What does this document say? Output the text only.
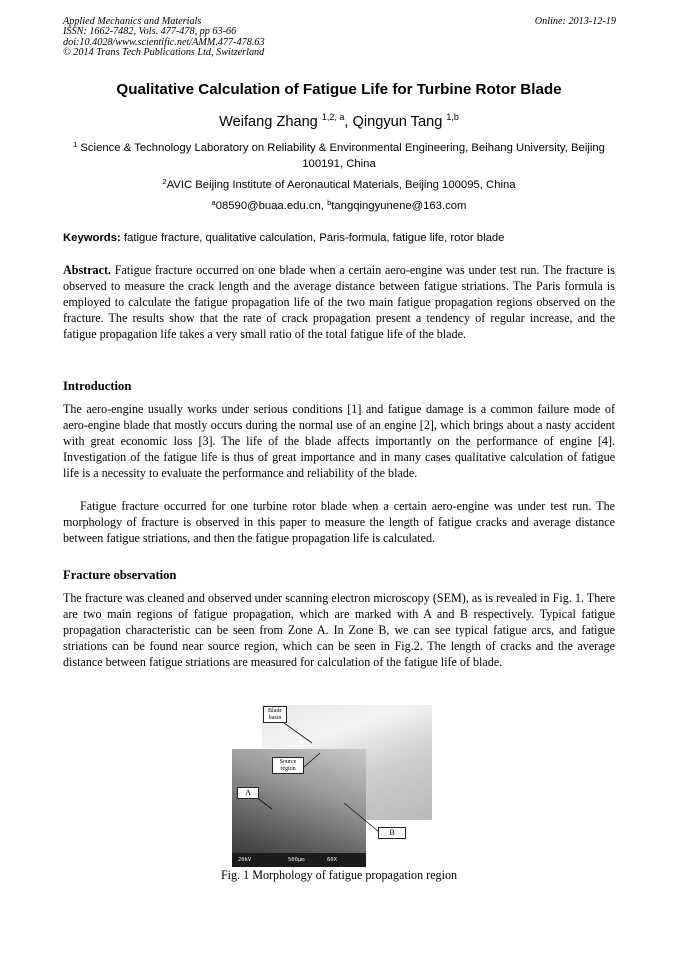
Applied Mechanics and Materials
ISSN: 1662-7482, Vols. 477-478, pp 63-66
doi:10.4028/www.scientific.net/AMM.477-478.63
© 2014 Trans Tech Publications Ltd, Switzerland
Online: 2013-12-19
Qualitative Calculation of Fatigue Life for Turbine Rotor Blade
Weifang Zhang $^{1,2, a}$, Qingyun Tang $^{1,b}$
$^1$ Science & Technology Laboratory on Reliability & Environmental Engineering, Beihang University, Beijing 100191, China
$^2$AVIC Beijing Institute of Aeronautical Materials, Beijing 100095, China
$^a$08590@buaa.edu.cn, $^b$tangqingyunene@163.com
Keywords: fatigue fracture, qualitative calculation, Paris-formula, fatigue life, rotor blade
Abstract. Fatigue fracture occurred on one blade when a certain aero-engine was under test run. The fracture is observed to measure the crack length and the average distance between fatigue striations. The Paris formula is employed to calculate the fatigue propagation life of the two main fatigue propagation regions observed on the fracture. The results show that the rate of crack propagation present a tendency of regular increase, and the fatigue propagation life takes a very small ratio of the total fatigue life of the blade.
Introduction
The aero-engine usually works under serious conditions [1] and fatigue damage is a common failure mode of aero-engine blade that mostly occurs during the normal use of an engine [2], which brings about a nasty accident with great economic loss [3]. The life of the blade affects importantly on the performance of engine [4]. Investigation of the fatigue life is thus of great importance and in many cases qualitative calculation of fatigue life is a necessity to evaluate the performance and reliability of the blade.
Fatigue fracture occurred for one turbine rotor blade when a certain aero-engine was under test run. The morphology of fracture is observed in this paper to measure the length of fatigue cracks and average distance between fatigue striations, and then the fatigue propagation life is calculated.
Fracture observation
The fracture was cleaned and observed under scanning electron microscopy (SEM), as is revealed in Fig. 1. There are two main regions of fatigue propagation, which are marked with A and B respectively. Typical fatigue propagation characteristic can be seen from Zone A. In Zone B, we can see typical fatigue arcs, and fatigue striations can be found near source region, which can be seen in Fig.2. The length of cracks and the average distance between fatigue striations are measured for calculation of the fatigue life of blade.
Blade basin
Source region
A
B
20kV	500µm	60X
Fig. 1 Morphology of fatigue propagation region
